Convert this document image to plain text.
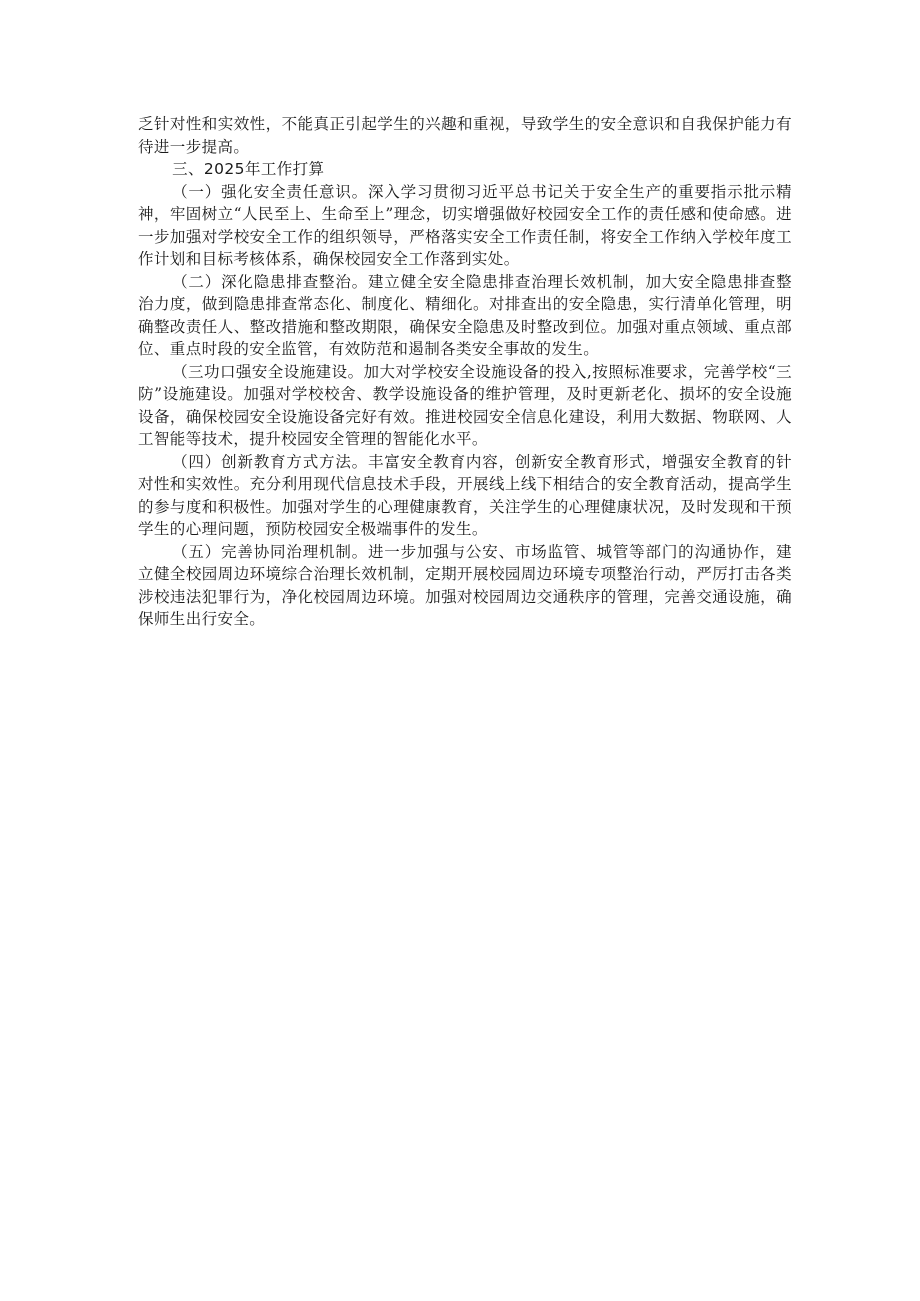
乏针对性和实效性，不能真正引起学生的兴趣和重视，导致学生的安全意识和自我保护能力有待进一步提高。

三、2025年工作打算

（一）强化安全责任意识。深入学习贯彻习近平总书记关于安全生产的重要指示批示精神，牢固树立“人民至上、生命至上”理念，切实增强做好校园安全工作的责任感和使命感。进一步加强对学校安全工作的组织领导，严格落实安全工作责任制，将安全工作纳入学校年度工作计划和目标考核体系，确保校园安全工作落到实处。

（二）深化隐患排查整治。建立健全安全隐患排查治理长效机制，加大安全隐患排查整治力度，做到隐患排查常态化、制度化、精细化。对排查出的安全隐患，实行清单化管理，明确整改责任人、整改措施和整改期限，确保安全隐患及时整改到位。加强对重点领域、重点部位、重点时段的安全监管，有效防范和遏制各类安全事故的发生。

（三功口强安全设施建设。加大对学校安全设施设备的投入,按照标准要求，完善学校“三防”设施建设。加强对学校校舍、教学设施设备的维护管理，及时更新老化、损坏的安全设施设备，确保校园安全设施设备完好有效。推进校园安全信息化建设，利用大数据、物联网、人工智能等技术，提升校园安全管理的智能化水平。

（四）创新教育方式方法。丰富安全教育内容，创新安全教育形式，增强安全教育的针对性和实效性。充分利用现代信息技术手段，开展线上线下相结合的安全教育活动，提高学生的参与度和积极性。加强对学生的心理健康教育，关注学生的心理健康状况，及时发现和干预学生的心理问题，预防校园安全极端事件的发生。

（五）完善协同治理机制。进一步加强与公安、市场监管、城管等部门的沟通协作，建立健全校园周边环境综合治理长效机制，定期开展校园周边环境专项整治行动，严厉打击各类涉校违法犯罪行为，净化校园周边环境。加强对校园周边交通秩序的管理，完善交通设施，确保师生出行安全。
